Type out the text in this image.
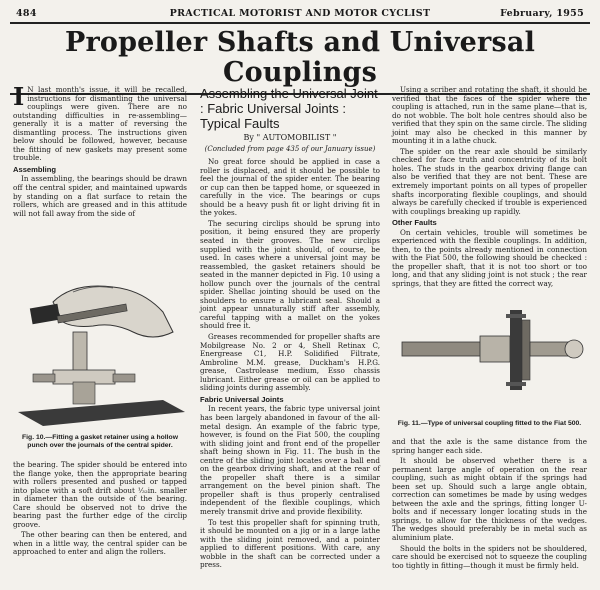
484	PRACTICAL MOTORIST AND MOTOR CYCLIST	February, 1955
Propeller Shafts and Universal Couplings

I N last month's issue, it will be recalled, instructions for dismantling the universal couplings were given. There are no outstanding difficulties in re-assembling—generally it is a matter of reversing the dismantling process. The instructions given below should be followed, however, because the fitting of new gaskets may present some trouble.

Assembling

In assembling, the bearings should be drawn off the central spider, and maintained upwards by standing on a flat surface to retain the rollers, which are greased and in this attitude will not fall away from the side of

Fig. 10.—Fitting a gasket retainer using a hollow punch over the journals of the central spider.

the bearing. The spider should be entered into the flange yoke, then the appropriate bearing with rollers presented and pushed or tapped into place with a soft drift about ⅟₃₂in. smaller in diameter than the outside of the bearing. Care should be observed not to drive the bearing past the further edge of the circlip groove.

The other bearing can then be entered, and when in a little way, the central spider can be approached to enter and align the rollers.

Assembling the Universal Joint : Fabric Universal Joints : Typical Faults
By " AUTOMOBILIST "
(Concluded from page 435 of our January issue)

No great force should be applied in case a roller is displaced, and it should be possible to feel the journal of the spider enter. The bearing or cup can then be tapped home, or squeezed in carefully in the vice. The bearings or cups should be a heavy push fit or light driving fit in the yokes.

The securing circlips should be sprung into position, it being ensured they are properly seated in their grooves. The new circlips supplied with the joint should, of course, be used. In cases where a universal joint may be reassembled, the gasket retainers should be seated in the manner depicted in Fig. 10 using a hollow punch over the journals of the central spider. Shellac jointing should be used on the shoulders to ensure a lubricant seal. Should a joint appear unnaturally stiff after assembly, careful tapping with a mallet on the yokes should free it.

Greases recommended for propeller shafts are Mobilgrease No. 2 or 4, Shell Retinax C, Energrease C1, H.P. Solidified Filtrate, Ambroline M.M. grease, Duckham's H.P.G. grease, Castrolease medium, Esso chassis lubricant. Either grease or oil can be applied to sliding joints during assembly.

Fabric Universal Joints

In recent years, the fabric type universal joint has been largely abandoned in favour of the all-metal design. An example of the fabric type, however, is found on the Fiat 500, the coupling with sliding joint and front end of the propeller shaft being shown in Fig. 11. The bush in the centre of the sliding joint locates over a ball end on the gearbox driving shaft, and at the rear of the propeller shaft there is a similar arrangement on the bevel pinion shaft. The propeller shaft is thus properly centralised independent of the flexible couplings, which merely transmit drive and provide flexibility.

To test this propeller shaft for spinning truth, it should be mounted on a jig or in a large lathe with the sliding joint removed, and a pointer applied to different positions. With care, any wobble in the shaft can be corrected under a press.

Using a scriber and rotating the shaft, it should be verified that the faces of the spider where the coupling is attached, run in the same plane—that is, do not wobble. The bolt hole centres should also be verified that they spin on the same circle. The sliding joint may also be checked in this manner by mounting it in a lathe chuck.

The spider on the rear axle should be similarly checked for face truth and concentricity of its bolt holes. The studs in the gearbox driving flange can also be verified that they are not bent. These are extremely important points on all types of propeller shafts incorporating flexible couplings, and should always be carefully checked if trouble is experienced with couplings breaking up rapidly.

Other Faults

On certain vehicles, trouble will sometimes be experienced with the flexible couplings. In addition, then, to the points already mentioned in connection with the Fiat 500, the following should be checked : the propeller shaft, that it is not too short or too long, and that any sliding joint is not stuck ; the rear springs, that they are fitted the correct way,

Fig. 11.—Type of universal coupling fitted to the Fiat 500.

and that the axle is the same distance from the spring hanger each side.

It should be observed whether there is a permanent large angle of operation on the rear coupling, such as might obtain if the springs had been set up. Should such a large angle obtain, correction can sometimes be made by using wedges between the axle and the springs, fitting longer U-bolts and if necessary longer locating studs in the springs, to allow for the thickness of the wedges. The wedges should preferably be in metal such as aluminium plate.

Should the bolts in the spiders not be shouldered, care should be exercised not to squeeze the coupling too tightly in fitting—though it must be firmly held.
